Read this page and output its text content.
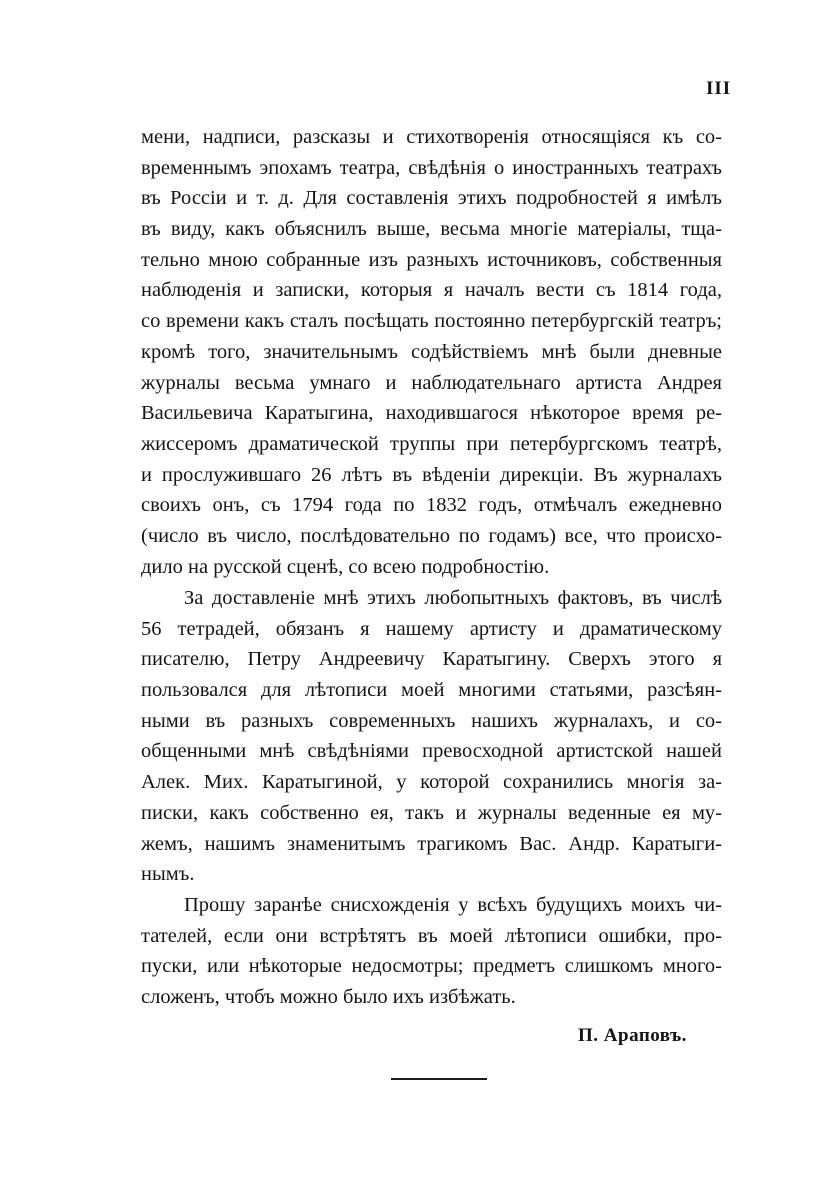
III
мени, надписи, разсказы и стихотворенія относящіяся къ со-
временнымъ эпохамъ театра, свѣдѣнія о иностранныхъ театрахъ
въ Россіи и т. д. Для составленія этихъ подробностей я имѣлъ
въ виду, какъ объяснилъ выше, весьма многіе матеріалы, тща-
тельно мною собранные изъ разныхъ источниковъ, собственныя
наблюденія и записки, которыя я началъ вести съ 1814 года,
со времени какъ сталъ посѣщать постоянно петербургскій театръ;
кромѣ того, значительнымъ содѣйствіемъ мнѣ были дневные
журналы весьма умнаго и наблюдательнаго артиста Андрея
Васильевича Каратыгина, находившагося нѣкоторое время ре-
жиссеромъ драматической труппы при петербургскомъ театрѣ,
и прослужившаго 26 лѣтъ въ вѣденіи дирекціи. Въ журналахъ
своихъ онъ, съ 1794 года по 1832 годъ, отмѣчалъ ежедневно
(число въ число, послѣдовательно по годамъ) все, что происхо-
дило на русской сценѣ, со всею подробностію.
За доставленіе мнѣ этихъ любопытныхъ фактовъ, въ числѣ
56 тетрадей, обязанъ я нашему артисту и драматическому
писателю, Петру Андреевичу Каратыгину. Сверхъ этого я
пользовался для лѣтописи моей многими статьями, разсѣян-
ными въ разныхъ современныхъ нашихъ журналахъ, и со-
общенными мнѣ свѣдѣніями превосходной артистской нашей
Алек. Мих. Каратыгиной, у которой сохранились многія за-
писки, какъ собственно ея, такъ и журналы веденные ея му-
жемъ, нашимъ знаменитымъ трагикомъ Вас. Андр. Каратыги-
нымъ.
Прошу заранѣе снисхожденія у всѣхъ будущихъ моихъ чи-
тателей, если они встрѣтятъ въ моей лѣтописи ошибки, про-
пуски, или нѣкоторые недосмотры; предметъ слишкомъ много-
сложенъ, чтобъ можно было ихъ избѣжать.
П. Араповъ.
